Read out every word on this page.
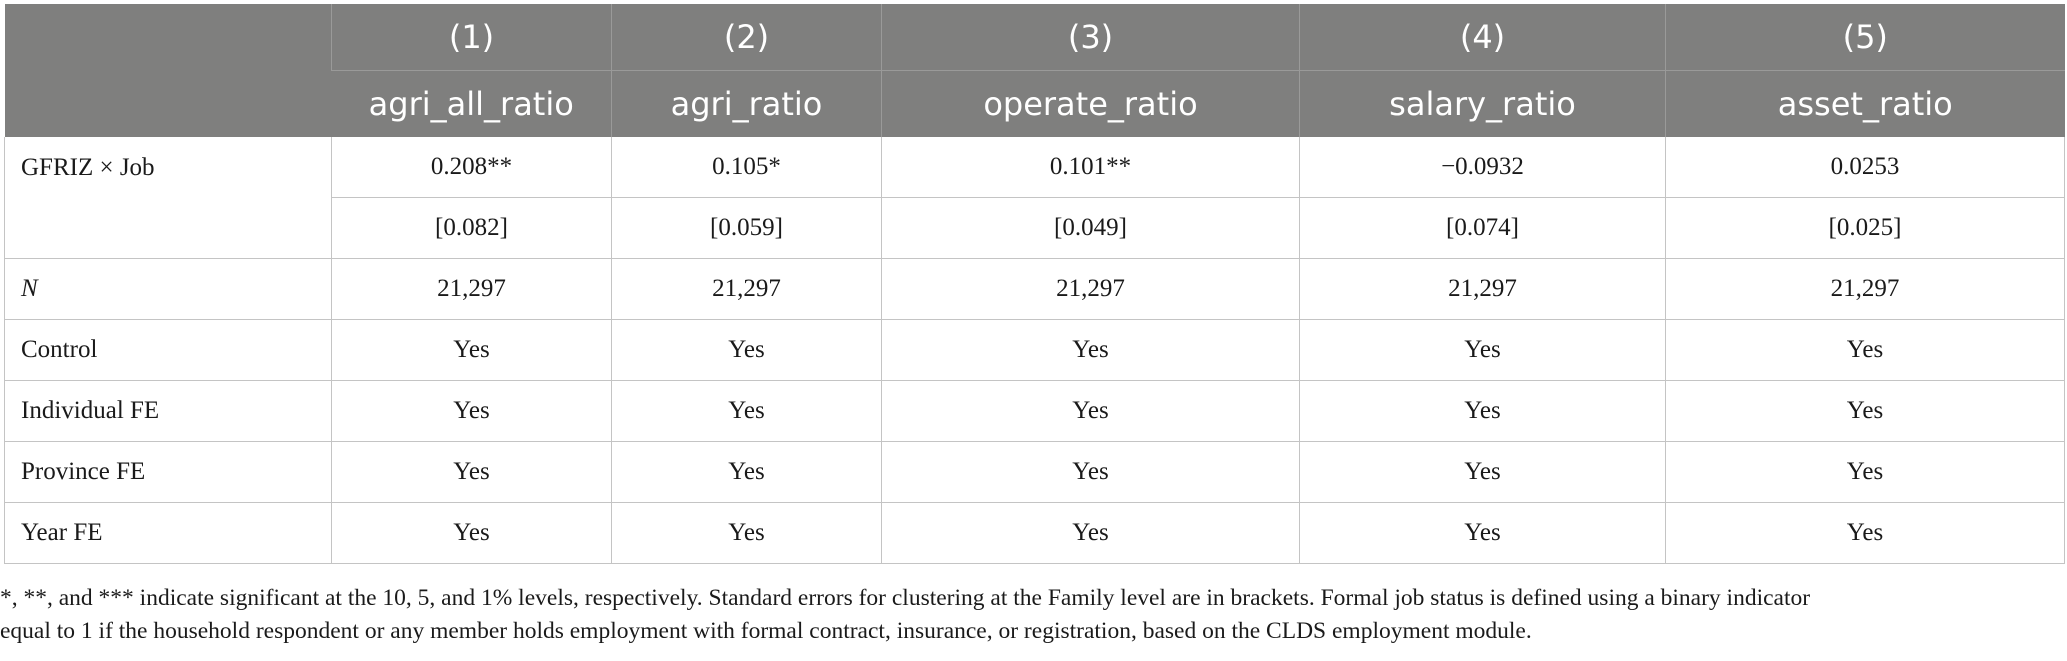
	(1)	(2)	(3)	(4)	(5)
	agri_all_ratio	agri_ratio	operate_ratio	salary_ratio	asset_ratio
GFRIZ × Job	0.208**	0.105*	0.101**	−0.0932	0.0253
	[0.082]	[0.059]	[0.049]	[0.074]	[0.025]
N	21,297	21,297	21,297	21,297	21,297
Control	Yes	Yes	Yes	Yes	Yes
Individual FE	Yes	Yes	Yes	Yes	Yes
Province FE	Yes	Yes	Yes	Yes	Yes
Year FE	Yes	Yes	Yes	Yes	Yes
*, **, and *** indicate significant at the 10, 5, and 1% levels, respectively. Standard errors for clustering at the Family level are in brackets. Formal job status is defined using a binary indicator
equal to 1 if the household respondent or any member holds employment with formal contract, insurance, or registration, based on the CLDS employment module.
